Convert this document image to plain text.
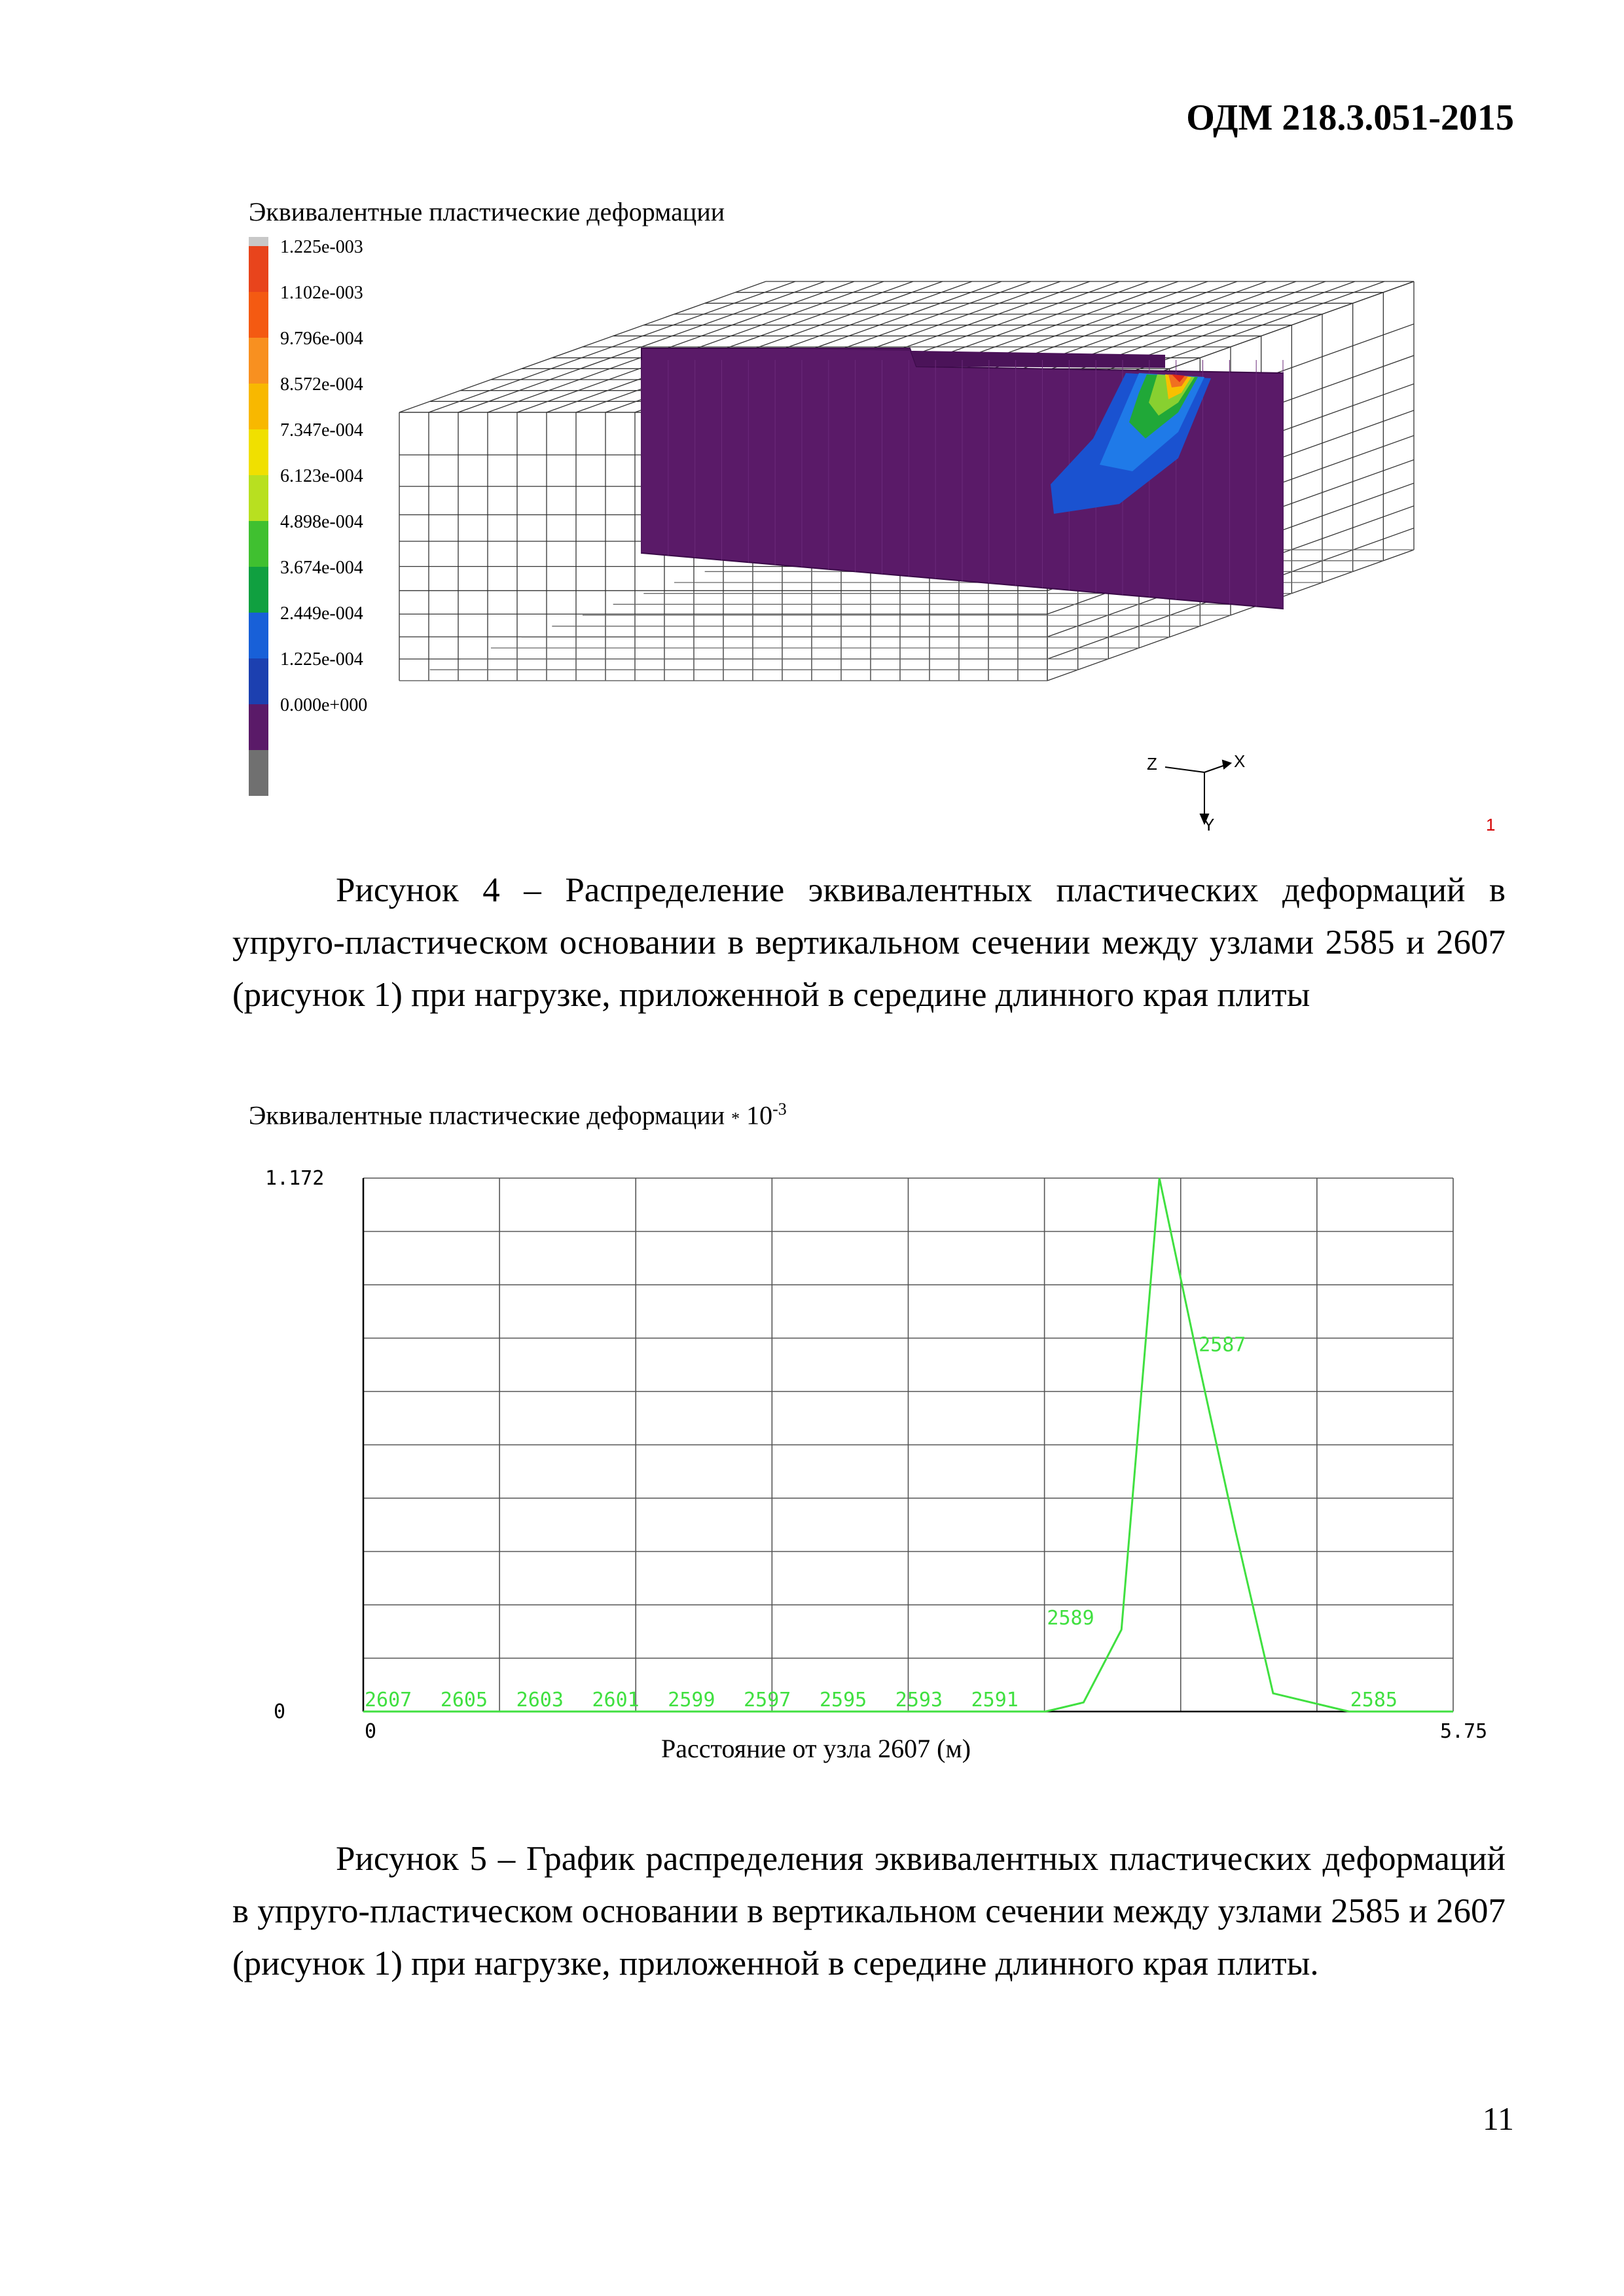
ОДМ 218.3.051-2015
Эквивалентные пластические деформации
1.225e-003
1.102e-003
9.796e-004
8.572e-004
7.347e-004
6.123e-004
4.898e-004
3.674e-004
2.449e-004
1.225e-004
0.000e+000
Z	X
Y	1

Рисунок 4 – Распределение эквивалентных пластических деформаций в упруго-пластическом основании в вертикальном сечении между узлами 2585 и 2607 (рисунок 1) при нагрузке, приложенной в середине длинного края плиты

Эквивалентные пластические деформации * $10^{-3}$
1.172
0
0	5.75
2607 2605 2603 2601 2599 2597 2595 2593 2591
2589
2587
2585
Расстояние от узла 2607 (м)

Рисунок 5 – График распределения эквивалентных пластических деформаций в упруго-пластическом основании в вертикальном сечении между узлами 2585 и 2607 (рисунок 1) при нагрузке, приложенной в середине длинного края плиты.

11
